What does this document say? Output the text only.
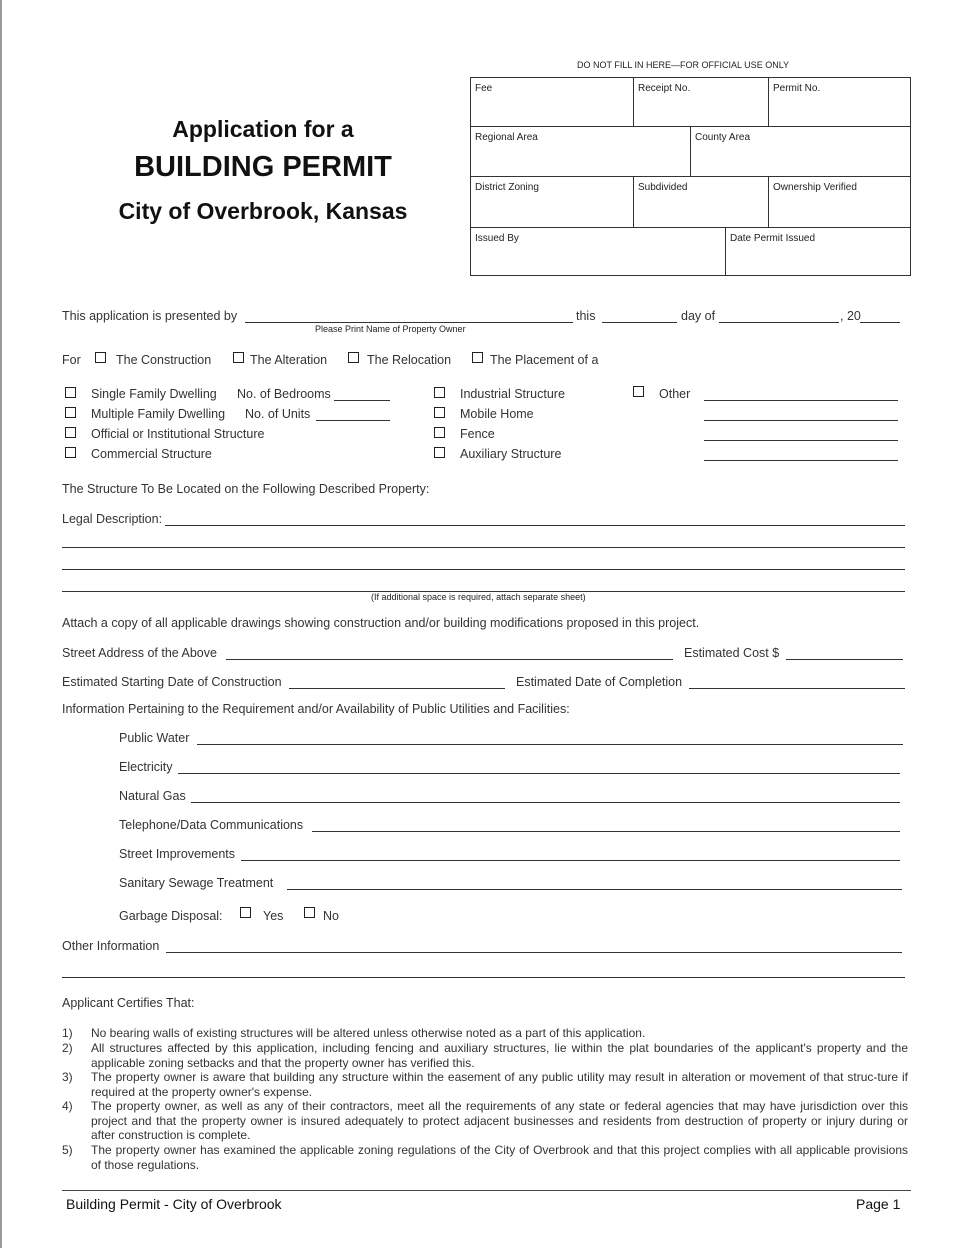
DO NOT FILL IN HERE—FOR OFFICIAL USE ONLY
Fee	Receipt No.	Permit No.
Regional Area	County Area
District Zoning	Subdivided	Ownership Verified
Issued By	Date Permit Issued
Application for a
BUILDING PERMIT
City of Overbrook, Kansas
This application is presented by	this	day of	, 20
Please Print Name of Property Owner
For	The Construction	The Alteration	The Relocation	The Placement of a
Single Family Dwelling No. of Bedrooms
Multiple Family Dwelling No. of Units
Official or Institutional Structure
Commercial Structure
Industrial Structure
Mobile Home
Fence
Auxiliary Structure
Other
The Structure To Be Located on the Following Described Property:
Legal Description:
(If additional space is required, attach separate sheet)
Attach a copy of all applicable drawings showing construction and/or building modifications proposed in this project.
Street Address of the Above	Estimated Cost $
Estimated Starting Date of Construction	Estimated Date of Completion
Information Pertaining to the Requirement and/or Availability of Public Utilities and Facilities:
Public Water
Electricity
Natural Gas
Telephone/Data Communications
Street Improvements
Sanitary Sewage Treatment
Garbage Disposal:	Yes	No
Other Information
Applicant Certifies That:
1) No bearing walls of existing structures will be altered unless otherwise noted as a part of this application.
2) All structures affected by this application, including fencing and auxiliary structures, lie within the plat boundaries of the applicant's property and the applicable zoning setbacks and that the property owner has verified this.
3) The property owner is aware that building any structure within the easement of any public utility may result in alteration or movement of that struc-ture if required at the property owner's expense.
4) The property owner, as well as any of their contractors, meet all the requirements of any state or federal agencies that may have jurisdiction over this project and that the property owner is insured adequately to protect adjacent businesses and residents from destruction of property or injury during or after construction is complete.
5) The property owner has examined the applicable zoning regulations of the City of Overbrook and that this project complies with all applicable provisions of those regulations.
Building Permit - City of Overbrook	Page 1
